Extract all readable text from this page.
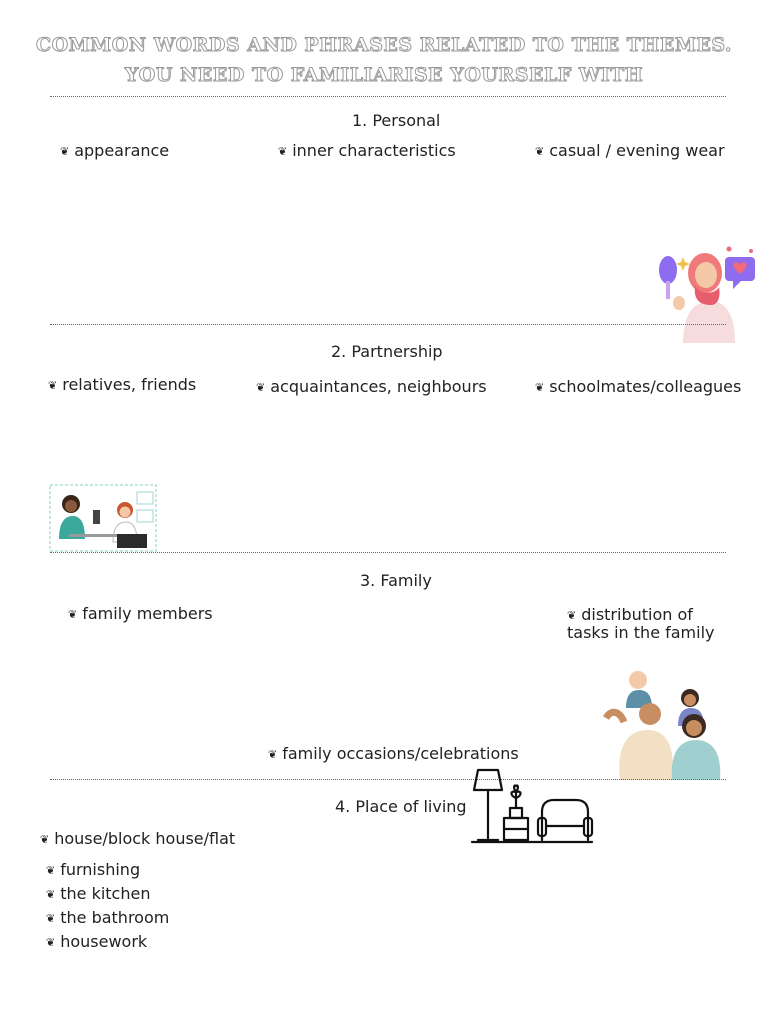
COMMON WORDS AND PHRASES RELATED TO THE THEMES.
YOU NEED TO FAMILIARISE YOURSELF WITH
1. Personal
❦ appearance	❦ inner characteristics	❦ casual / evening wear
2. Partnership
❦ relatives, friends	❦ acquaintances, neighbours	❦ schoolmates/colleagues
3. Family
❦ family members	❦ distribution of
tasks in the family
❦ family occasions/celebrations
4. Place of living
❦ house/block house/flat
❦ furnishing
❦ the kitchen
❦ the bathroom
❦ housework
